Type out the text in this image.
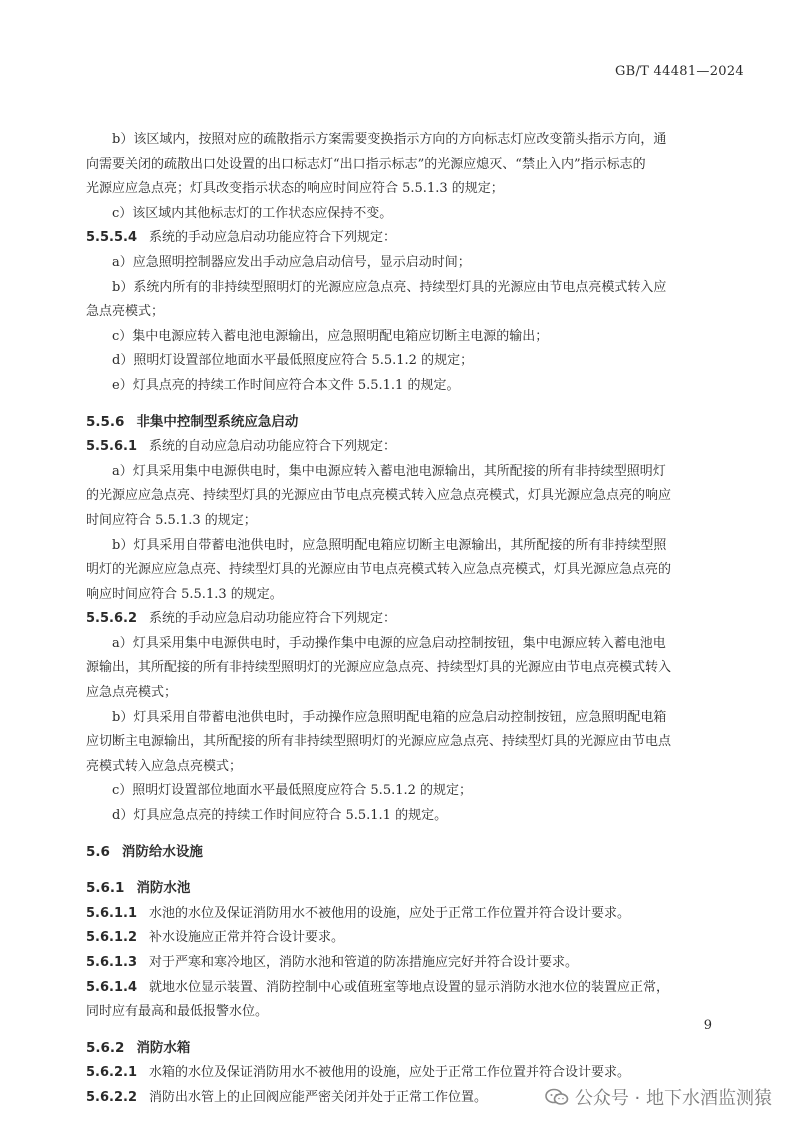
GB/T 44481—2024
b）该区域内，按照对应的疏散指示方案需要变换指示方向的方向标志灯应改变箭头指示方向，通
向需要关闭的疏散出口处设置的出口标志灯“出口指示标志”的光源应熄灭、“禁止入内”指示标志的
光源应应急点亮；灯具改变指示状态的响应时间应符合 5.5.1.3 的规定；
c）该区域内其他标志灯的工作状态应保持不变。
5.5.5.4 系统的手动应急启动功能应符合下列规定：
a）应急照明控制器应发出手动应急启动信号，显示启动时间；
b）系统内所有的非持续型照明灯的光源应应急点亮、持续型灯具的光源应由节电点亮模式转入应
急点亮模式；
c）集中电源应转入蓄电池电源输出，应急照明配电箱应切断主电源的输出；
d）照明灯设置部位地面水平最低照度应符合 5.5.1.2 的规定；
e）灯具点亮的持续工作时间应符合本文件 5.5.1.1 的规定。
5.5.6 非集中控制型系统应急启动
5.5.6.1 系统的自动应急启动功能应符合下列规定：
a）灯具采用集中电源供电时，集中电源应转入蓄电池电源输出，其所配接的所有非持续型照明灯
的光源应应急点亮、持续型灯具的光源应由节电点亮模式转入应急点亮模式，灯具光源应急点亮的响应
时间应符合 5.5.1.3 的规定；
b）灯具采用自带蓄电池供电时，应急照明配电箱应切断主电源输出，其所配接的所有非持续型照
明灯的光源应应急点亮、持续型灯具的光源应由节电点亮模式转入应急点亮模式，灯具光源应急点亮的
响应时间应符合 5.5.1.3 的规定。
5.5.6.2 系统的手动应急启动功能应符合下列规定：
a）灯具采用集中电源供电时，手动操作集中电源的应急启动控制按钮，集中电源应转入蓄电池电
源输出，其所配接的所有非持续型照明灯的光源应应急点亮、持续型灯具的光源应由节电点亮模式转入
应急点亮模式；
b）灯具采用自带蓄电池供电时，手动操作应急照明配电箱的应急启动控制按钮，应急照明配电箱
应切断主电源输出，其所配接的所有非持续型照明灯的光源应应急点亮、持续型灯具的光源应由节电点
亮模式转入应急点亮模式；
c）照明灯设置部位地面水平最低照度应符合 5.5.1.2 的规定；
d）灯具应急点亮的持续工作时间应符合 5.5.1.1 的规定。
5.6 消防给水设施
5.6.1 消防水池
5.6.1.1 水池的水位及保证消防用水不被他用的设施，应处于正常工作位置并符合设计要求。
5.6.1.2 补水设施应正常并符合设计要求。
5.6.1.3 对于严寒和寒冷地区，消防水池和管道的防冻措施应完好并符合设计要求。
5.6.1.4 就地水位显示装置、消防控制中心或值班室等地点设置的显示消防水池水位的装置应正常，
同时应有最高和最低报警水位。
5.6.2 消防水箱
5.6.2.1 水箱的水位及保证消防用水不被他用的设施，应处于正常工作位置并符合设计要求。
5.6.2.2 消防出水管上的止回阀应能严密关闭并处于正常工作位置。
9
公众号 · 地下水酒监测猿
